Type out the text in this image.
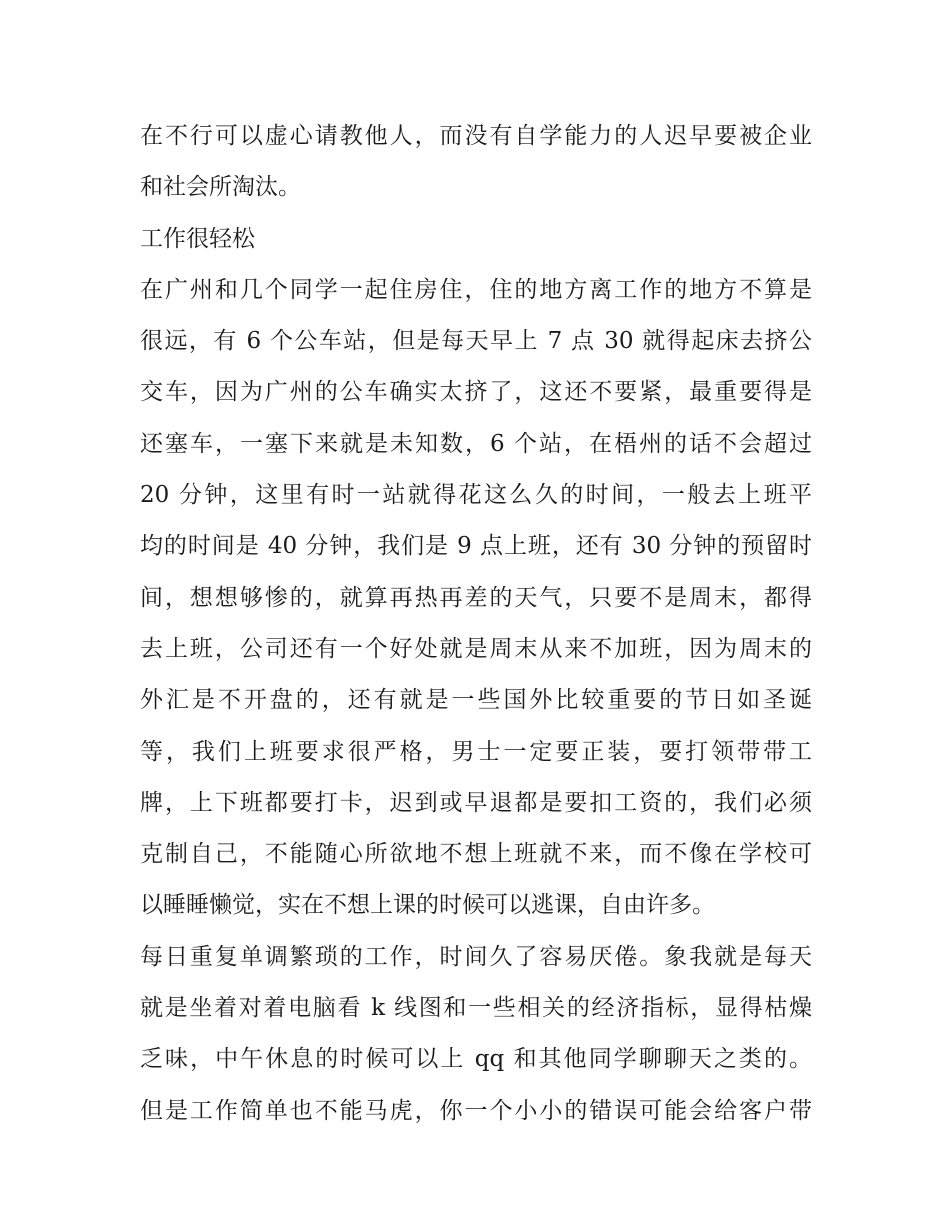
在不行可以虚心请教他人，而没有自学能力的人迟早要被企业
和社会所淘汰。
工作很轻松
在广州和几个同学一起住房住，住的地方离工作的地方不算是
很远，有 6 个公车站，但是每天早上 7 点 30 就得起床去挤公
交车，因为广州的公车确实太挤了，这还不要紧，最重要得是
还塞车，一塞下来就是未知数，6 个站，在梧州的话不会超过
20 分钟，这里有时一站就得花这么久的时间，一般去上班平
均的时间是 40 分钟，我们是 9 点上班，还有 30 分钟的预留时
间，想想够惨的，就算再热再差的天气，只要不是周末，都得
去上班，公司还有一个好处就是周末从来不加班，因为周末的
外汇是不开盘的，还有就是一些国外比较重要的节日如圣诞
等，我们上班要求很严格，男士一定要正装，要打领带带工
牌，上下班都要打卡，迟到或早退都是要扣工资的，我们必须
克制自己，不能随心所欲地不想上班就不来，而不像在学校可
以睡睡懒觉，实在不想上课的时候可以逃课，自由许多。
每日重复单调繁琐的工作，时间久了容易厌倦。象我就是每天
就是坐着对着电脑看 k 线图和一些相关的经济指标，显得枯燥
乏味，中午休息的时候可以上 qq 和其他同学聊聊天之类的。
但是工作简单也不能马虎，你一个小小的错误可能会给客户带
